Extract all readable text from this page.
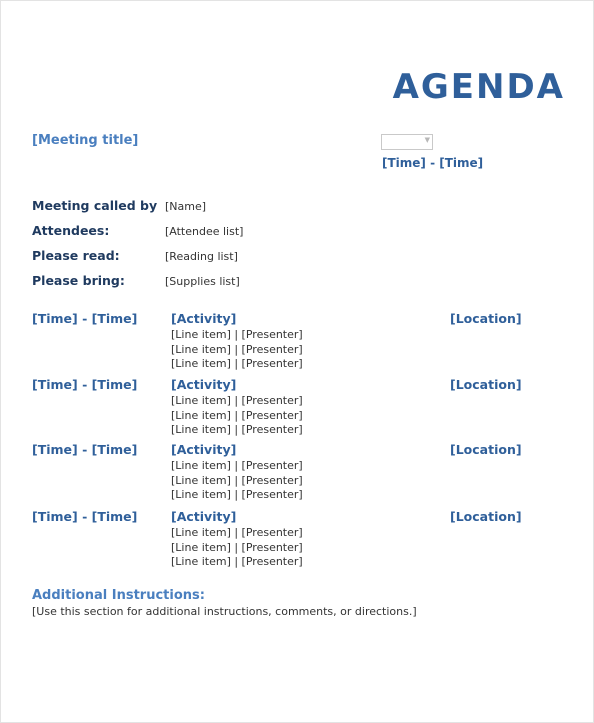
AGENDA
[Meeting title]	▼
[Time] - [Time]
Meeting called by [Name]
Attendees:	[Attendee list]
Please read:	[Reading list]
Please bring:	[Supplies list]
[Time] - [Time]	[Activity]	[Location]
[Line item] | [Presenter]
[Line item] | [Presenter]
[Line item] | [Presenter]
[Time] - [Time]	[Activity]	[Location]
[Line item] | [Presenter]
[Line item] | [Presenter]
[Line item] | [Presenter]
[Time] - [Time]	[Activity]	[Location]
[Line item] | [Presenter]
[Line item] | [Presenter]
[Line item] | [Presenter]
[Time] - [Time]	[Activity]	[Location]
[Line item] | [Presenter]
[Line item] | [Presenter]
[Line item] | [Presenter]
Additional Instructions:
[Use this section for additional instructions, comments, or directions.]
